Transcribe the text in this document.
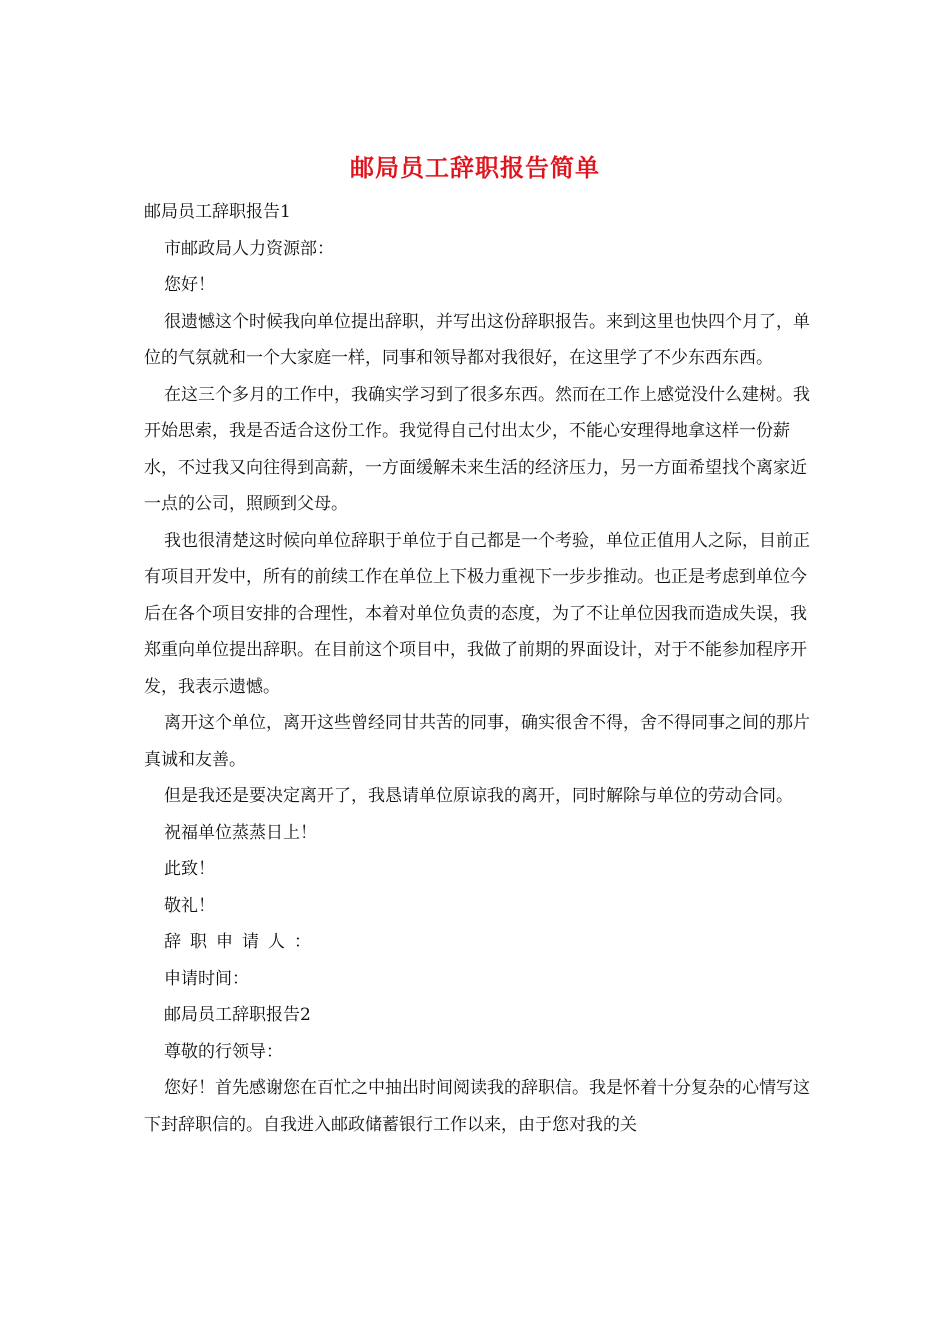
邮局员工辞职报告简单

邮局员工辞职报告1

市邮政局人力资源部：

您好！

很遗憾这个时候我向单位提出辞职，并写出这份辞职报告。来到这里也快四个月了，单位的气氛就和一个大家庭一样，同事和领导都对我很好，在这里学了不少东西东西。

在这三个多月的工作中，我确实学习到了很多东西。然而在工作上感觉没什么建树。我开始思索，我是否适合这份工作。我觉得自己付出太少，不能心安理得地拿这样一份薪水，不过我又向往得到高薪，一方面缓解未来生活的经济压力，另一方面希望找个离家近一点的公司，照顾到父母。

我也很清楚这时候向单位辞职于单位于自己都是一个考验，单位正值用人之际，目前正有项目开发中，所有的前续工作在单位上下极力重视下一步步推动。也正是考虑到单位今后在各个项目安排的合理性，本着对单位负责的态度，为了不让单位因我而造成失误，我郑重向单位提出辞职。在目前这个项目中，我做了前期的界面设计，对于不能参加程序开发，我表示遗憾。

离开这个单位，离开这些曾经同甘共苦的同事，确实很舍不得，舍不得同事之间的那片真诚和友善。

但是我还是要决定离开了，我恳请单位原谅我的离开，同时解除与单位的劳动合同。

祝福单位蒸蒸日上！

此致！

敬礼！

辞职申请人：

申请时间：

邮局员工辞职报告2

尊敬的行领导：

您好！首先感谢您在百忙之中抽出时间阅读我的辞职信。我是怀着十分复杂的心情写这下封辞职信的。自我进入邮政储蓄银行工作以来，由于您对我的关
